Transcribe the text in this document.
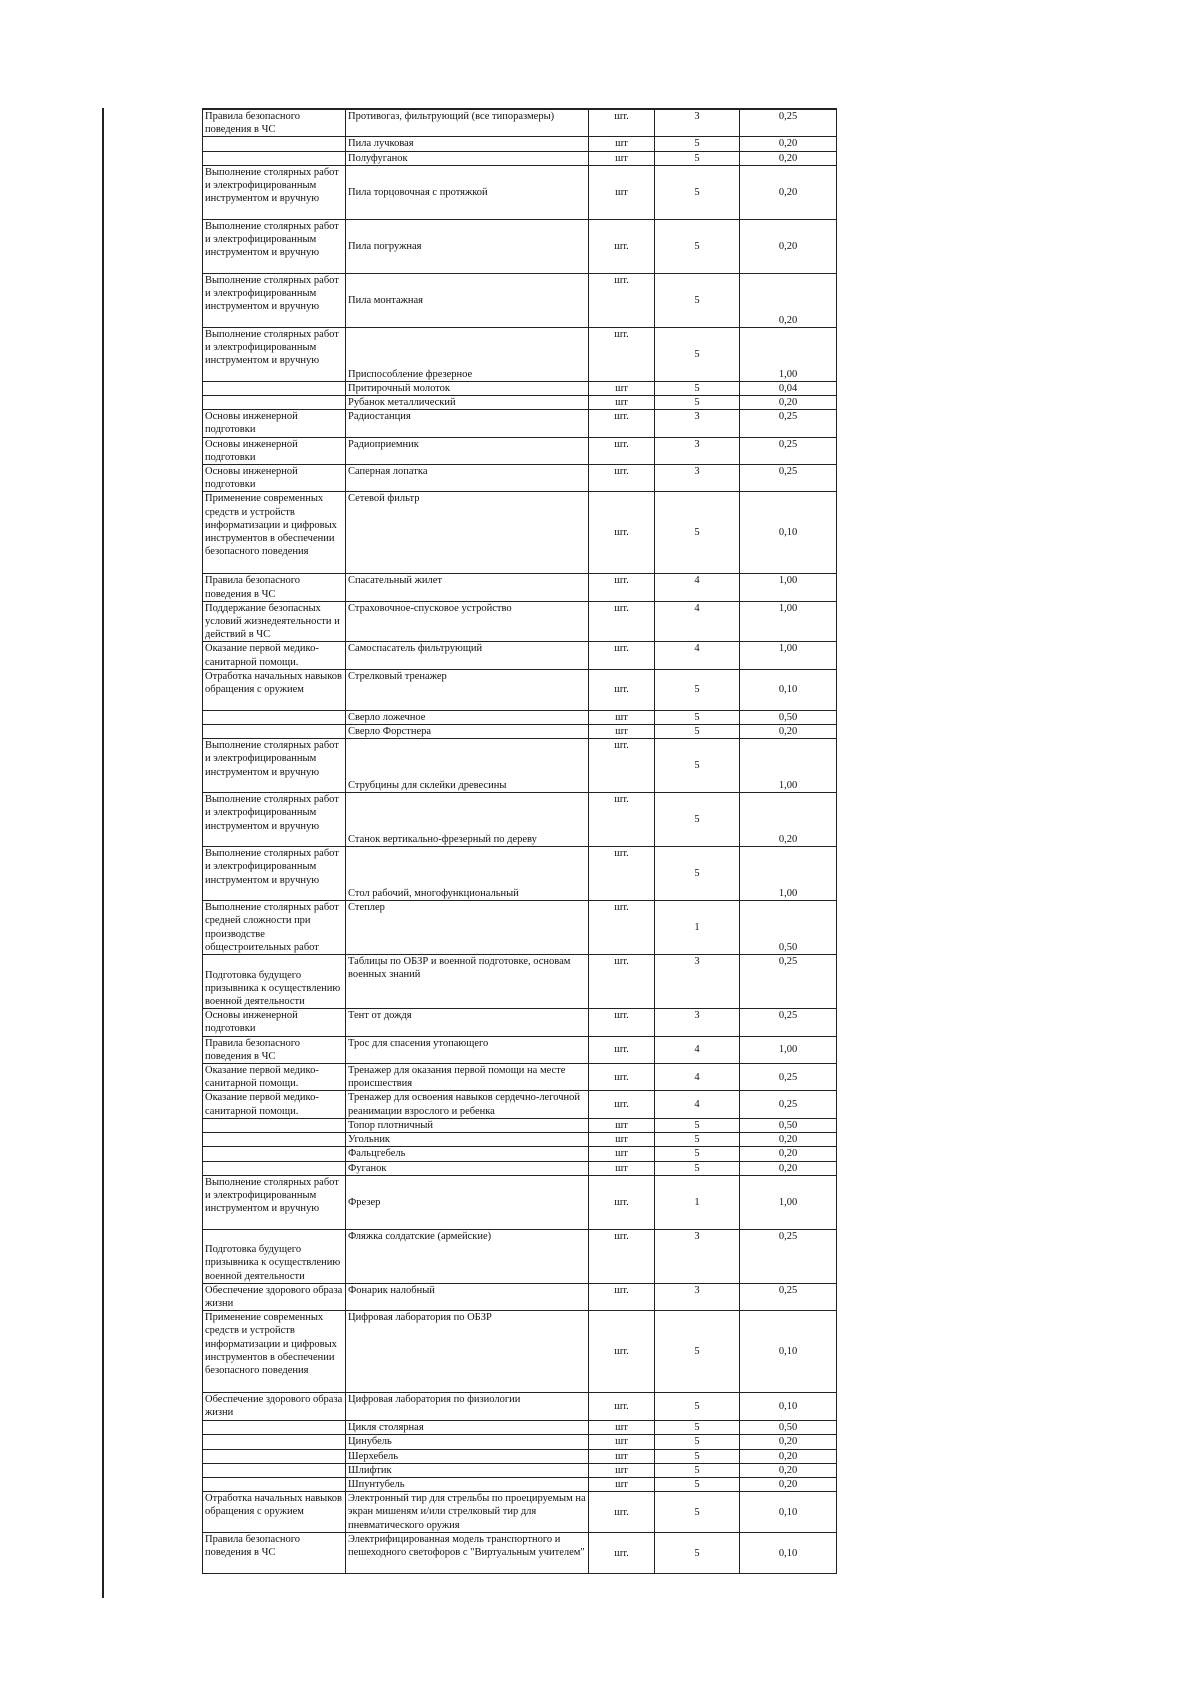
Правила безопасного поведения в ЧС	Противогаз, фильтрующий (все типоразмеры)	шт.	3	0,25
	Пила лучковая	шт	5	0,20
	Полуфуганок	шт	5	0,20
Выполнение столярных работ и электрофицированным инструментом и вручную	Пила торцовочная с протяжкой	шт	5	0,20
Выполнение столярных работ и электрофицированным инструментом и вручную	Пила погружная	шт.	5	0,20
Выполнение столярных работ и электрофицированным инструментом и вручную	Пила монтажная	шт.	5	0,20
Выполнение столярных работ и электрофицированным инструментом и вручную	Приспособление фрезерное	шт.	5	1,00
	Притирочный молоток	шт	5	0,04
	Рубанок металлический	шт	5	0,20
Основы инженерной подготовки	Радиостанция	шт.	3	0,25
Основы инженерной подготовки	Радиоприемник	шт.	3	0,25
Основы инженерной подготовки	Саперная лопатка	шт.	3	0,25
Применение современных средств и устройств информатизации и цифровых инструментов в обеспечении безопасного поведения	Сетевой фильтр	шт.	5	0,10
Правила безопасного поведения в ЧС	Спасательный жилет	шт.	4	1,00
Поддержание безопасных условий жизнедеятельности и действий в ЧС	Страховочное-спусковое устройство	шт.	4	1,00
Оказание первой медико-санитарной помощи.	Самоспасатель фильтрующий	шт.	4	1,00
Отработка начальных навыков обращения с оружием	Стрелковый тренажер	шт.	5	0,10
	Сверло ложечное	шт	5	0,50
	Сверло Форстнера	шт	5	0,20
Выполнение столярных работ и электрофицированным инструментом и вручную	Струбцины для склейки древесины	шт.	5	1,00
Выполнение столярных работ и электрофицированным инструментом и вручную	Станок вертикально-фрезерный по дереву	шт.	5	0,20
Выполнение столярных работ и электрофицированным инструментом и вручную	Стол рабочий, многофункциональный	шт.	5	1,00
Выполнение столярных работ средней сложности при производстве общестроительных работ	Степлер	шт.	1	0,50
Подготовка будущего призывника к осуществлению военной деятельности	Таблицы по ОБЗР и военной подготовке, основам военных знаний	шт.	3	0,25
Основы инженерной подготовки	Тент от дождя	шт.	3	0,25
Правила безопасного поведения в ЧС	Трос для спасения утопающего	шт.	4	1,00
Оказание первой медико-санитарной помощи.	Тренажер для оказания первой помощи на месте происшествия	шт.	4	0,25
Оказание первой медико-санитарной помощи.	Тренажер для освоения навыков сердечно-легочной реанимации взрослого и ребенка	шт.	4	0,25
	Топор плотничный	шт	5	0,50
	Угольник	шт	5	0,20
	Фальцгебель	шт	5	0,20
	Фуганок	шт	5	0,20
Выполнение столярных работ и электрофицированным инструментом и вручную	Фрезер	шт.	1	1,00
Подготовка будущего призывника к осуществлению военной деятельности	Фляжка солдатские (армейские)	шт.	3	0,25
Обеспечение здорового образа жизни	Фонарик налобный	шт.	3	0,25
Применение современных средств и устройств информатизации и цифровых инструментов в обеспечении безопасного поведения	Цифровая лаборатория по ОБЗР	шт.	5	0,10
Обеспечение здорового образа жизни	Цифровая лаборатория по физиологии	шт.	5	0,10
	Цикля столярная	шт	5	0,50
	Цинубель	шт	5	0,20
	Шерхебель	шт	5	0,20
	Шлифтик	шт	5	0,20
	Шпунтубель	шт	5	0,20
Отработка начальных навыков обращения с оружием	Электронный тир для стрельбы по проецируемым на экран мишеням и/или стрелковый тир для пневматического оружия	шт.	5	0,10
Правила безопасного поведения в ЧС	Электрифицированная модель транспортного и пешеходного светофоров с "Виртуальным учителем"	шт.	5	0,10
